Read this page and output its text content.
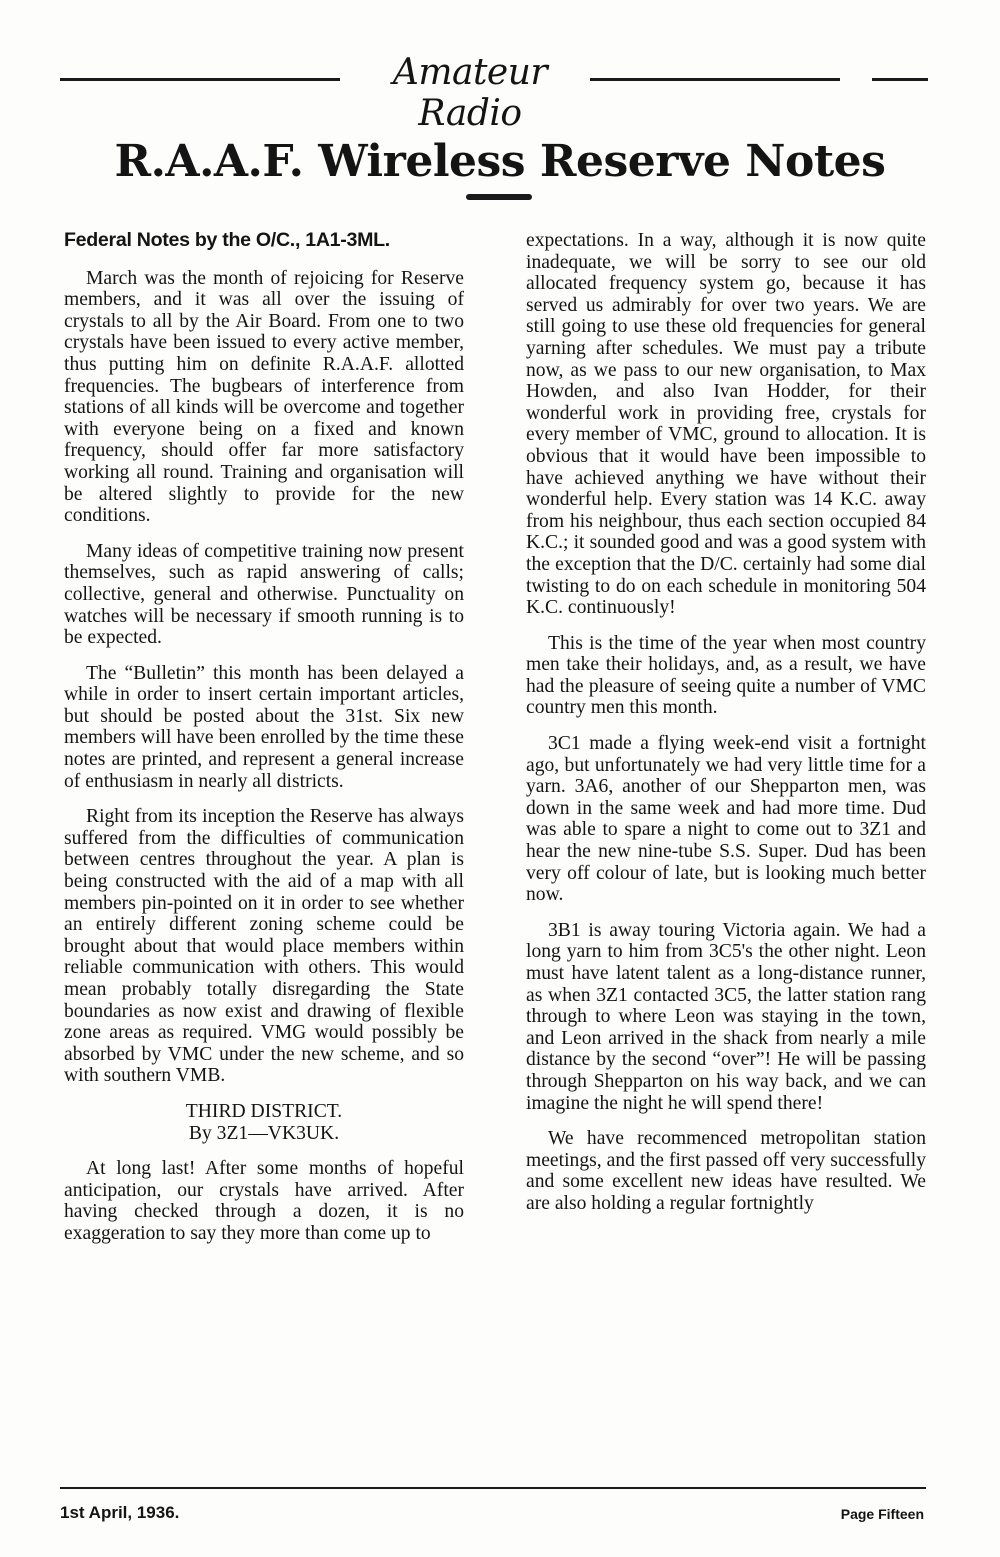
Amateur Radio
R.A.A.F. Wireless Reserve Notes
Federal Notes by the O/C., 1A1-3ML.

March was the month of rejoicing for Reserve members, and it was all over the issuing of crystals to all by the Air Board. From one to two crystals have been issued to every active member, thus putting him on definite R.A.A.F. allotted frequencies. The bugbears of interference from stations of all kinds will be overcome and together with everyone being on a fixed and known frequency, should offer far more satisfactory working all round. Training and organisation will be altered slightly to provide for the new conditions.

Many ideas of competitive training now present themselves, such as rapid answering of calls; collective, general and otherwise. Punctuality on watches will be necessary if smooth running is to be expected.

The “Bulletin” this month has been delayed a while in order to insert certain important articles, but should be posted about the 31st. Six new members will have been enrolled by the time these notes are printed, and represent a general increase of enthusiasm in nearly all districts.

Right from its inception the Reserve has always suffered from the difficulties of communication between centres throughout the year. A plan is being constructed with the aid of a map with all members pin-pointed on it in order to see whether an entirely different zoning scheme could be brought about that would place members within reliable communication with others. This would mean probably totally disregarding the State boundaries as now exist and drawing of flexible zone areas as required. VMG would possibly be absorbed by VMC under the new scheme, and so with southern VMB.

THIRD DISTRICT.
By 3Z1—VK3UK.

At long last! After some months of hopeful anticipation, our crystals have arrived. After having checked through a dozen, it is no exaggeration to say they more than come up to

expectations. In a way, although it is now quite inadequate, we will be sorry to see our old allocated frequency system go, because it has served us admirably for over two years. We are still going to use these old frequencies for general yarning after schedules. We must pay a tribute now, as we pass to our new organisation, to Max Howden, and also Ivan Hodder, for their wonderful work in providing free, crystals for every member of VMC, ground to allocation. It is obvious that it would have been impossible to have achieved anything we have without their wonderful help. Every station was 14 K.C. away from his neighbour, thus each section occupied 84 K.C.; it sounded good and was a good system with the exception that the D/C. certainly had some dial twisting to do on each schedule in monitoring 504 K.C. continuously!

This is the time of the year when most country men take their holidays, and, as a result, we have had the pleasure of seeing quite a number of VMC country men this month.

3C1 made a flying week-end visit a fortnight ago, but unfortunately we had very little time for a yarn. 3A6, another of our Shepparton men, was down in the same week and had more time. Dud was able to spare a night to come out to 3Z1 and hear the new nine-tube S.S. Super. Dud has been very off colour of late, but is looking much better now.

3B1 is away touring Victoria again. We had a long yarn to him from 3C5's the other night. Leon must have latent talent as a long-distance runner, as when 3Z1 contacted 3C5, the latter station rang through to where Leon was staying in the town, and Leon arrived in the shack from nearly a mile distance by the second “over”! He will be passing through Shepparton on his way back, and we can imagine the night he will spend there!

We have recommenced metropolitan station meetings, and the first passed off very successfully and some excellent new ideas have resulted. We are also holding a regular fortnightly

1st April, 1936.	Page Fifteen
